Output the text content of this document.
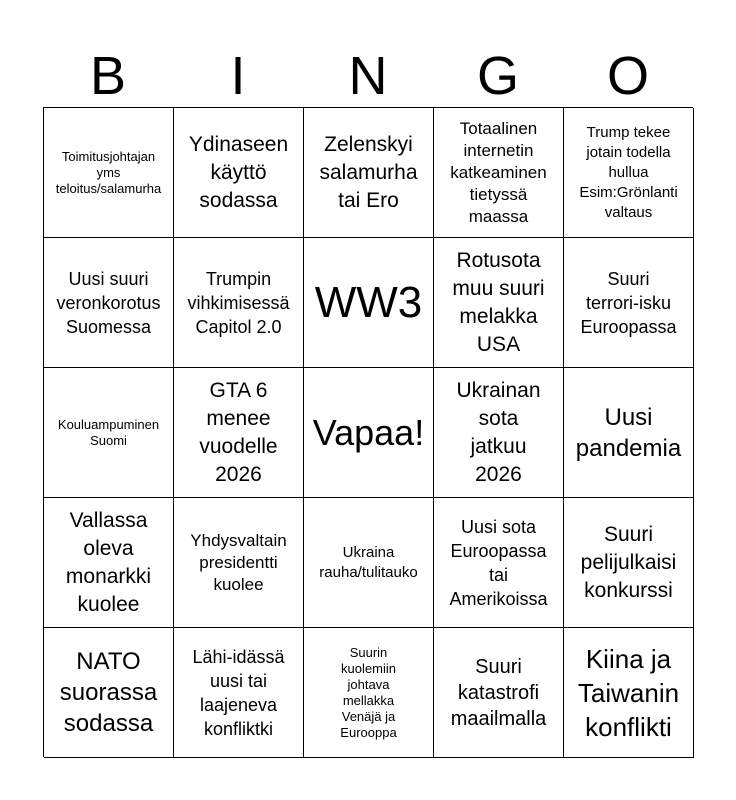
B	I	N	G	O
Toimitusjohtajan
yms
teloitus/salamurha
Ydinaseen
käyttö
sodassa
Zelenskyi
salamurha
tai Ero
Totaalinen
internetin
katkeaminen
tietyssä
maassa
Trump tekee
jotain todella
hullua
Esim:Grönlanti
valtaus
Uusi suuri
veronkorotus
Suomessa
Trumpin
vihkimisessä
Capitol 2.0 WW3
Rotusota
muu suuri
melakka
USA
Suuri
terrori-isku
Euroopassa
Kouluampuminen
Suomi
GTA 6
menee
vuodelle
2026
Vapaa!
Ukrainan
sota
jatkuu
2026
Uusi
pandemia
Vallassa
oleva
monarkki
kuolee
Yhdysvaltain
presidentti
kuolee
Ukraina
rauha/tulitauko
Uusi sota
Euroopassa
tai
Amerikoissa
Suuri
pelijulkaisi
konkurssi
NATO
suorassa
sodassa
Lähi-idässä
uusi tai
laajeneva
konfliktki
Suurin
kuolemiin
johtava
mellakka
Venäjä ja
Eurooppa
Suuri
katastrofi
maailmalla
Kiina ja
Taiwanin
konflikti
